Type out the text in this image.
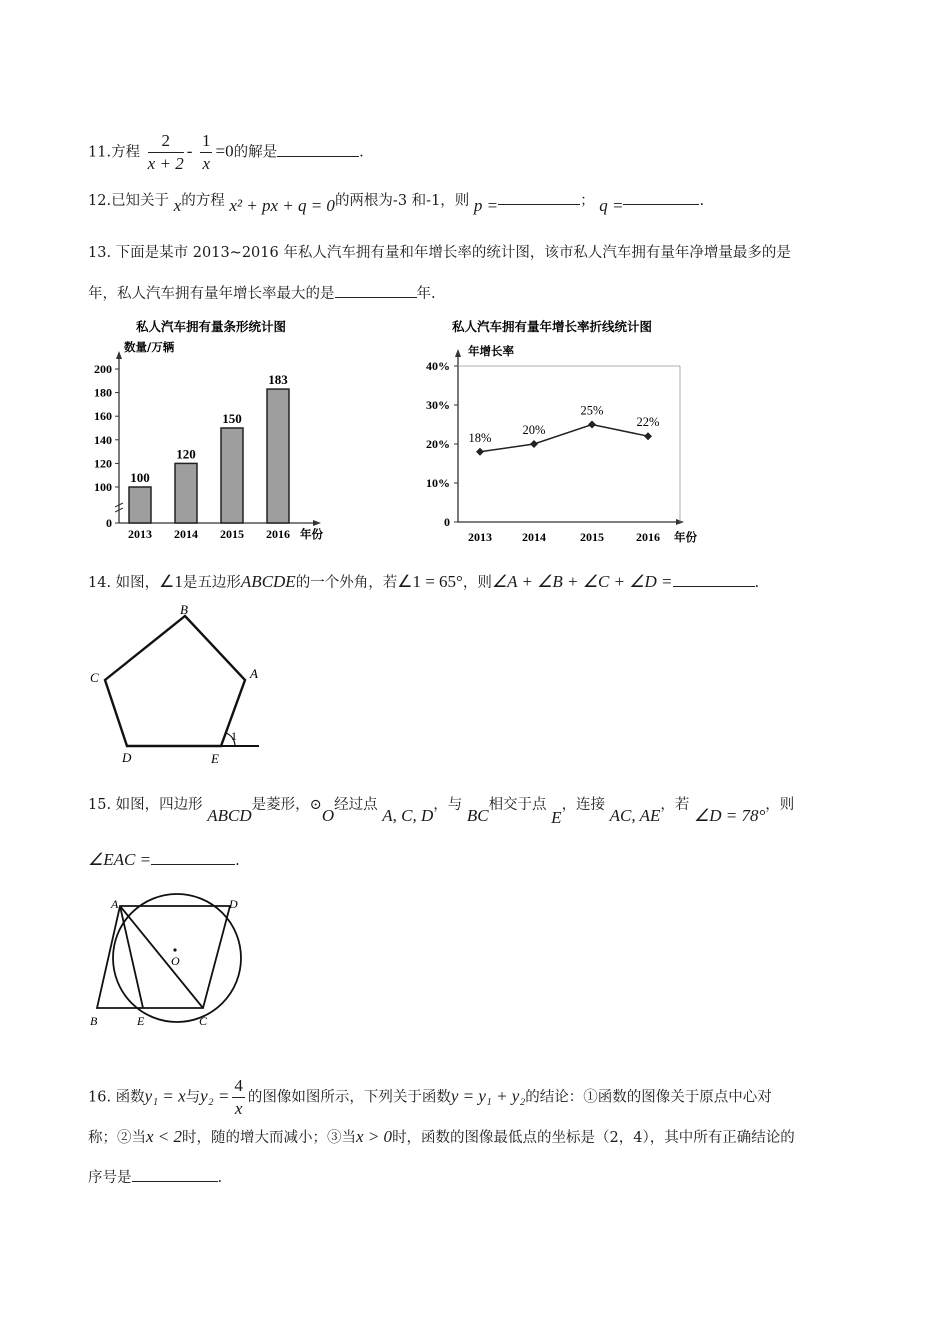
11.方程 $\frac{2}{x + 2} - \frac{1}{x} =0$的解是	.
12.已知关于 x的方程 x² + px + q = 0的两根为-3 和-1，则 p =	； q =	.
13. 下面是某市 2013~2016 年私人汽车拥有量和年增长率的统计图，该市私人汽车拥有量年净增量最多的是
年，私人汽车拥有量年增长率最大的是	年.
私人汽车拥有量条形统计图
数量/万辆
0
100
120
140
160
180
200
100
2013
120
2014
150
2015
183
2016 年份
私人汽车拥有量年增长率折线统计图
年增长率
0
10%
20%
30%
40%
18%
2013
20%
2014
25%
2015
22%
2016 年份
14. 如图，∠1是五边形ABCDE的一个外角，若∠1 = 65°，则∠A + ∠B + ∠C + ∠D =	.
B
A
C
D	E
1
15. 如图，四边形 ABCD是菱形，⊙O经过点 A, C, D，与 BC相交于点 E，连接 AC, AE，若 ∠D = 78°，则
∠EAC =	.
A	D
O
B	E	C
16. 函数y₁ = x与$y_2 = \frac{4}{x}$ 的图像如图所示，下列关于函数y = y₁ + y₂的结论：①函数的图像关于原点中心对
称；②当x < 2时，随的增大而减小；③当x > 0时，函数的图像最低点的坐标是（2，4），其中所有正确结论的
序号是	.
